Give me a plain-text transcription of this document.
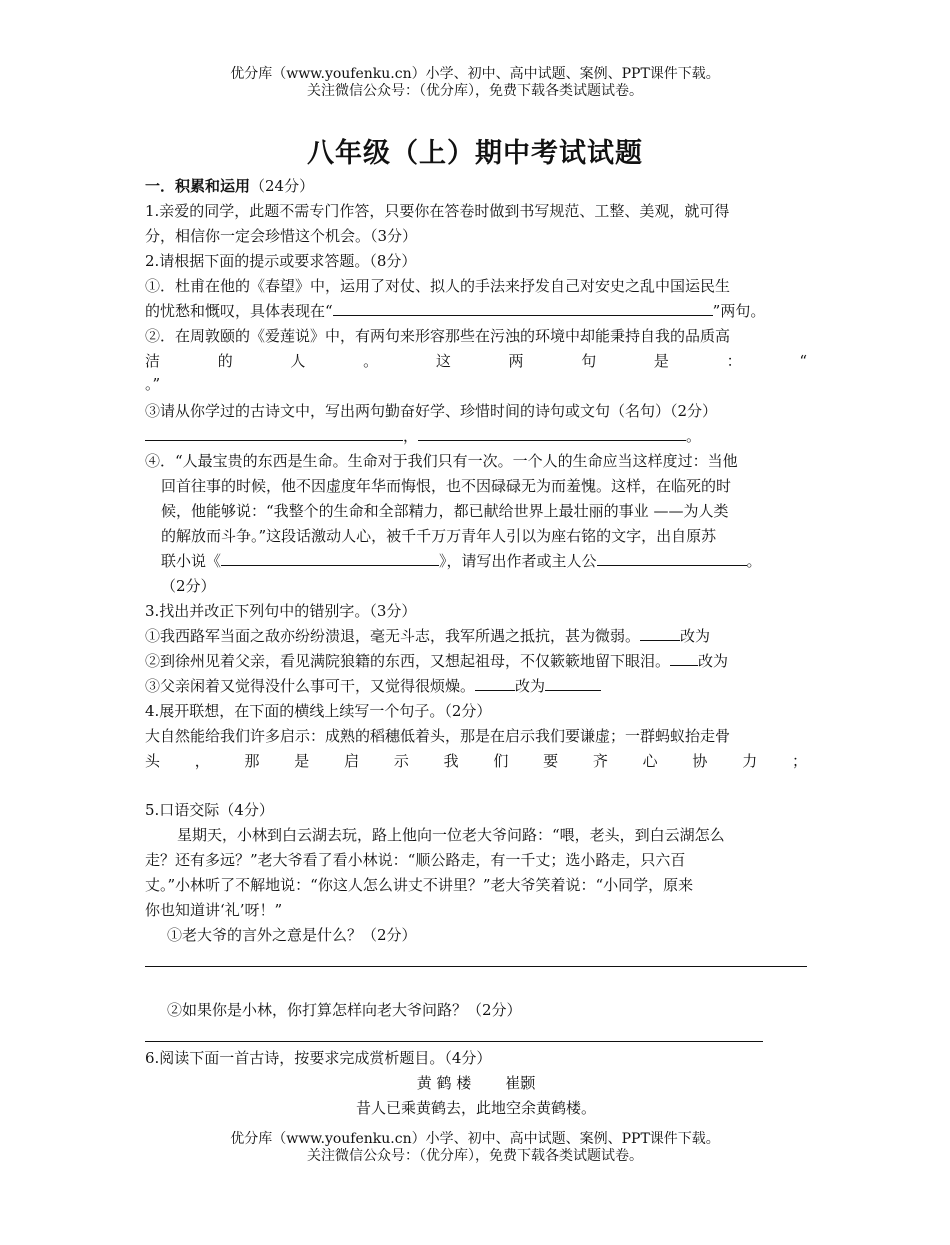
优分库（www.youfenku.cn）小学、初中、高中试题、案例、PPT课件下载。
关注微信公众号：（优分库），免费下载各类试题试卷。
八年级（上）期中考试试题
一．积累和运用（24分）
1.亲爱的同学，此题不需专门作答，只要你在答卷时做到书写规范、工整、美观，就可得
分，相信你一定会珍惜这个机会。（3分）
2.请根据下面的提示或要求答题。（8分）
①．杜甫在他的《春望》中，运用了对仗、拟人的手法来抒发自己对安史之乱中国运民生
的忧愁和慨叹，具体表现在“	”两句。
②．在周敦颐的《爱莲说》中，有两句来形容那些在污浊的环境中却能秉持自我的品质高
洁	的	人	。	这	两	句	是	：	“
。”
③请从你学过的古诗文中，写出两句勤奋好学、珍惜时间的诗句或文句（名句）（2分）
，	。
④．“人最宝贵的东西是生命。生命对于我们只有一次。一个人的生命应当这样度过：当他
回首往事的时候，他不因虚度年华而悔恨，也不因碌碌无为而羞愧。这样，在临死的时
候，他能够说：“我整个的生命和全部精力，都已献给世界上最壮丽的事业 ——为人类
的解放而斗争。”这段话激动人心，被千千万万青年人引以为座右铭的文字，出自原苏
联小说《	》，请写出作者或主人公	。
（2分）
3.找出并改正下列句中的错别字。（3分）
①我西路军当面之敌亦纷纷溃退，毫无斗志，我军所遇之抵抗，甚为微弱。	改为
②到徐州见着父亲，看见满院狼籍的东西，又想起祖母，不仅簌簌地留下眼泪。 改为
③父亲闲着又觉得没什么事可干，又觉得很烦燥。	改为
4.展开联想，在下面的横线上续写一个句子。（2分）
大自然能给我们许多启示：成熟的稻穗低着头，那是在启示我们要谦虚；一群蚂蚁抬走骨
头 ， 那 是 启 示 我 们 要 齐 心 协 力 ；
5.口语交际（4分）
星期天，小林到白云湖去玩，路上他向一位老大爷问路：“喂，老头，到白云湖怎么
走？还有多远？”老大爷看了看小林说：“顺公路走，有一千丈；选小路走，只六百
丈。”小林听了不解地说：“你这人怎么讲丈不讲里？”老大爷笑着说：“小同学，原来
你也知道讲‘礼’呀！”
①老大爷的言外之意是什么？（2分）
②如果你是小林，你打算怎样向老大爷问路？（2分）
6.阅读下面一首古诗，按要求完成赏析题目。（4分）
黄 鹤 楼 崔颢
昔人已乘黄鹤去，此地空余黄鹤楼。
优分库（www.youfenku.cn）小学、初中、高中试题、案例、PPT课件下载。
关注微信公众号：（优分库），免费下载各类试题试卷。
